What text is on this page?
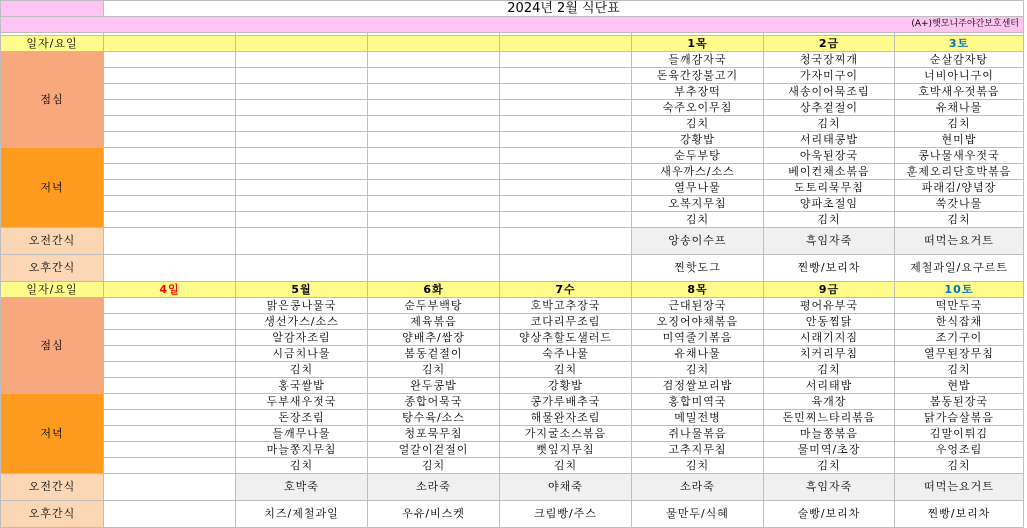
	2024년 2월 식단표						
(A+)햇모니주야간보호센터							

일자/요일					1목	2금	3토
점심					들깨감자국	청국장찌개	순살감자탕
					돈육간장불고기	가자미구이	너비아니구이
					부추장떡	새송이어묵조림	호박새우젓볶음
					숙주오이무침	상추겉절이	유채나물
					김치	김치	김치
					강황밥	서리태콩밥	현미밥
저녁					순두부탕	아욱된장국	콩나물새우젓국
					새우까스/소스	베이컨채소볶음	훈제오리단호박볶음
					열무나물	도토리묵무침	파래김/양념장
					오복지무침	양파초절임	쑥갓나물
					김치	김치	김치
오전간식					앙송이수프	흑임자죽	떠먹는요거트
오후간식					찐핫도그	찐빵/보리차	제철과일/요구르트
일자/요일	4일	5월	6화	7수	8목	9금	10토
점심		맑은콩나물국	순두부백탕	호박고추장국	근대된장국	평어유부국	떡만두국
		생선가스/소스	제육볶음	코다리무조림	오징어야채볶음	안동찜닭	한식잡채
		알감자조림	양배추/쌈장	양상추할도샐러드	미역줄기볶음	시래기지짐	조기구이
		시금치나물	봄동겉절이	숙주나물	유채나물	치커리무침	열무된장무침
		김치	김치	김치	김치	김치	김치
		홍국쌀밥	완두콩밥	강황밥	검정쌀보리밥	서리태밥	현밥
저녁		두부새우젓국	종합어묵국	콩가루배추국	홍합미역국	육개장	봄동된장국
		돈장조림	탕수육/소스	해물완자조림	메밀전병	돈민찌느타리볶음	닭가슴살볶음
		들깨무나물	청포묵무침	가지굴소스볶음	쥐나물볶음	마늘쫑볶음	김말이튀김
		마늘쫑지무침	얼갈이겉절이	뻣잎지무침	고추지무침	물미역/초장	우엉조림
		김치	김치	김치	김치	김치	김치
오전간식		호박죽	소라죽	야채죽	소라죽	흑임자죽	떠먹는요거트
오후간식		치즈/제철과일	우유/비스켓	크림빵/주스	물만두/식혜	술빵/보리차	찐빵/보리차
